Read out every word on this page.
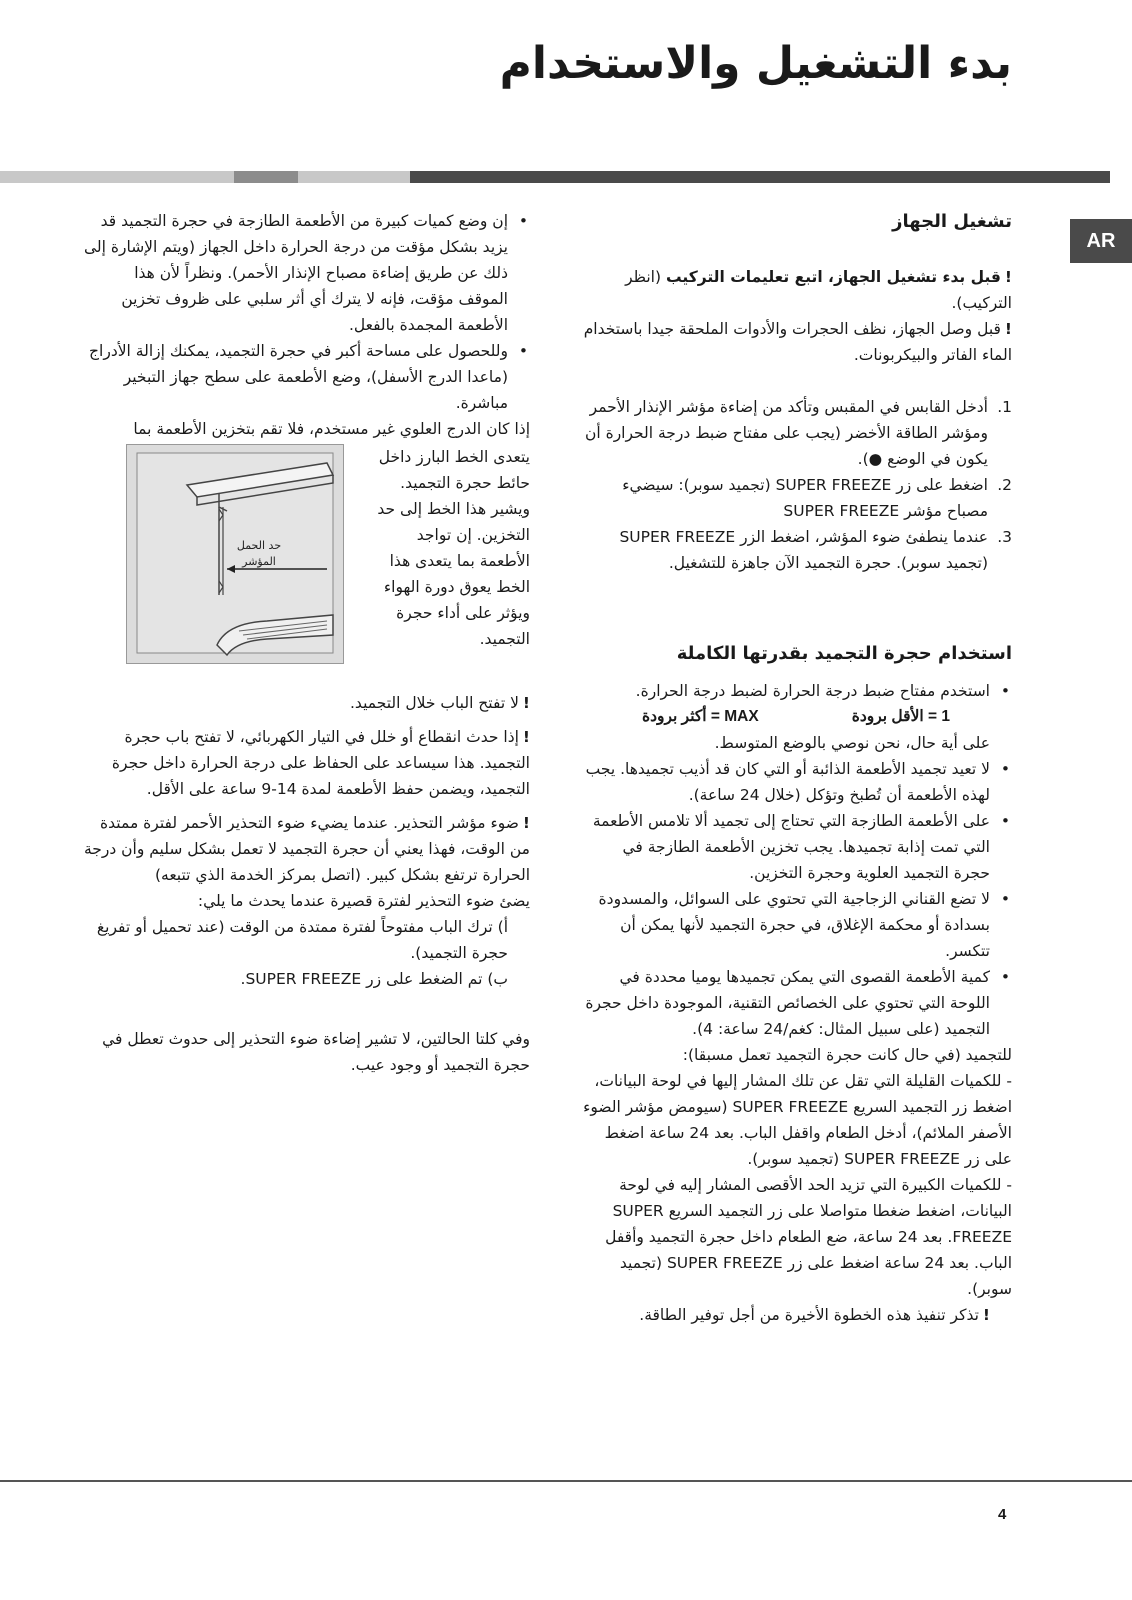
بدء التشغيل والاستخدام
AR
تشغيل الجهاز

!قبل بدء تشغيل الجهاز، اتبع تعليمات التركيب (انظر التركيب).

!قبل وصل الجهاز، نظف الحجرات والأدوات الملحقة جيدا باستخدام الماء الفاتر والبيكربونات.

1.
أدخل القابس في المقبس وتأكد من إضاءة مؤشر الإنذار الأحمر ومؤشر الطاقة الأخضر (يجب على مفتاح ضبط درجة الحرارة أن يكون في الوضع ●).
2.
اضغط على زر SUPER FREEZE (تجميد سوبر): سيضيء مصباح مؤشر SUPER FREEZE
3.
عندما ينطفئ ضوء المؤشر، اضغط الزر SUPER FREEZE (تجميد سوبر). حجرة التجميد الآن جاهزة للتشغيل.
استخدام حجرة التجميد بقدرتها الكاملة
• استخدم مفتاح ضبط درجة الحرارة لضبط درجة الحرارة.
1 = الأقل برودة
MAX = أكثر برودة
على أية حال، نحن نوصي بالوضع المتوسط.
• لا تعيد تجميد الأطعمة الذائبة أو التي كان قد أذيب تجميدها. يجب لهذه الأطعمة أن تُطبخ وتؤكل (خلال 24 ساعة).
• على الأطعمة الطازجة التي تحتاج إلى تجميد ألا تلامس الأطعمة التي تمت إذابة تجميدها. يجب تخزين الأطعمة الطازجة في حجرة التجميد العلوية وحجرة التخزين.
• لا تضع القناني الزجاجية التي تحتوي على السوائل، والمسدودة بسدادة أو محكمة الإغلاق، في حجرة التجميد لأنها يمكن أن تتكسر.
• كمية الأطعمة القصوى التي يمكن تجميدها يوميا محددة في اللوحة التي تحتوي على الخصائص التقنية، الموجودة داخل حجرة التجميد (على سبيل المثال: كغم/24 ساعة: 4).

للتجميد (في حال كانت حجرة التجميد تعمل مسبقا):

- للكميات القليلة التي تقل عن تلك المشار إليها في لوحة البيانات، اضغط زر التجميد السريع SUPER FREEZE (سيومض مؤشر الضوء الأصفر الملائم)، أدخل الطعام واقفل الباب. بعد 24 ساعة اضغط على زر SUPER FREEZE (تجميد سوبر).

- للكميات الكبيرة التي تزيد الحد الأقصى المشار إليه في لوحة البيانات، اضغط ضغطا متواصلا على زر التجميد السريع SUPER FREEZE. بعد 24 ساعة، ضع الطعام داخل حجرة التجميد وأقفل الباب. بعد 24 ساعة اضغط على زر SUPER FREEZE (تجميد سوبر).

!تذكر تنفيذ هذه الخطوة الأخيرة من أجل توفير الطاقة.

• إن وضع كميات كبيرة من الأطعمة الطازجة في حجرة التجميد قد يزيد بشكل مؤقت من درجة الحرارة داخل الجهاز (ويتم الإشارة إلى ذلك عن طريق إضاءة مصباح الإنذار الأحمر). ونظراً لأن هذا الموقف مؤقت، فإنه لا يترك أي أثر سلبي على ظروف تخزين الأطعمة المجمدة بالفعل.
• وللحصول على مساحة أكبر في حجرة التجميد، يمكنك إزالة الأدراج (ماعدا الدرج الأسفل)، وضع الأطعمة على سطح جهاز التبخير مباشرة.

إذا كان الدرج العلوي غير مستخدم، فلا تقم بتخزين الأطعمة بما

يتعدى الخط البارز داخل حائط حجرة التجميد. ويشير هذا الخط إلى حد التخزين. إن تواجد الأطعمة بما يتعدى هذا الخط يعوق دورة الهواء ويؤثر على أداء حجرة التجميد.
حد الحمل
المؤشر

!لا تفتح الباب خلال التجميد.

!إذا حدث انقطاع أو خلل في التيار الكهربائي، لا تفتح باب حجرة التجميد. هذا سيساعد على الحفاظ على درجة الحرارة داخل حجرة التجميد، ويضمن حفظ الأطعمة لمدة 14-9 ساعة على الأقل.

!ضوء مؤشر التحذير. عندما يضيء ضوء التحذير الأحمر لفترة ممتدة من الوقت، فهذا يعني أن حجرة التجميد لا تعمل بشكل سليم وأن درجة الحرارة ترتفع بشكل كبير. (اتصل بمركز الخدمة الذي تتبعه)

يضئ ضوء التحذير لفترة قصيرة عندما يحدث ما يلي:

أ) ترك الباب مفتوحاً لفترة ممتدة من الوقت (عند تحميل أو تفريغ حجرة التجميد).

ب) تم الضغط على زر SUPER FREEZE.

وفي كلتا الحالتين، لا تشير إضاءة ضوء التحذير إلى حدوث تعطل في حجرة التجميد أو وجود عيب.

4
